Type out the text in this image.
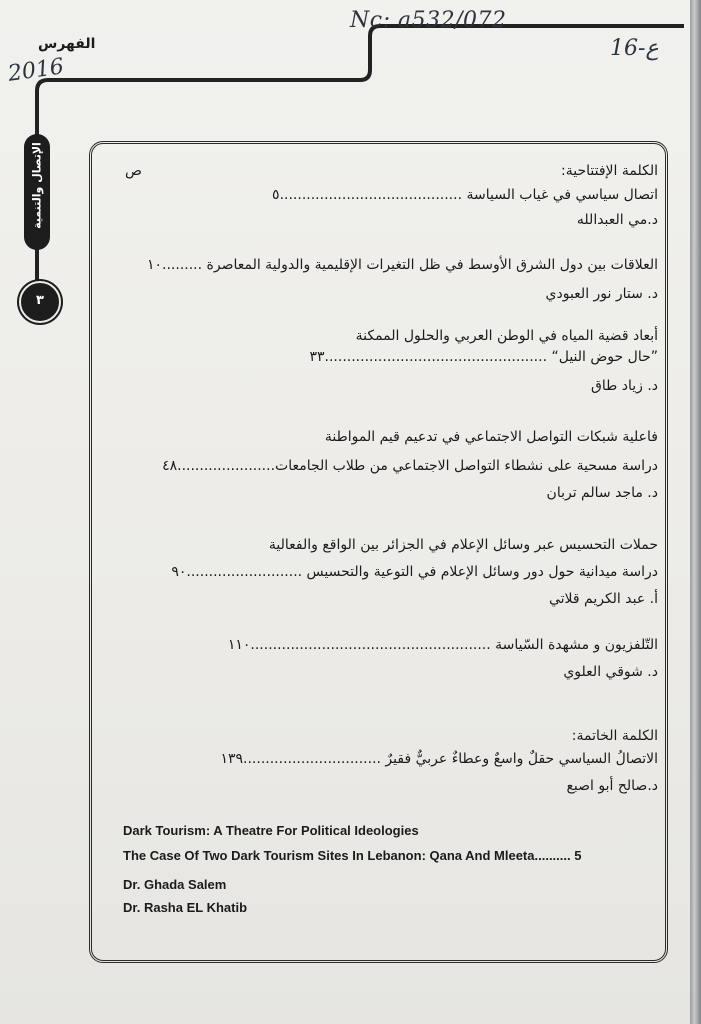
Nc: a532/072
2016
16-ع
الفهرس
الإتصال والتنمية
٣
الكلمة الإفتتاحية:
ص
اتصال سياسي في غياب السياسة .........................................٥
د.مي العبدالله
العلاقات بين دول الشرق الأوسط في ظل التغيرات الإقليمية والدولية المعاصرة .........١٠
د. ستار نور العبودي
أبعاد قضية المياه في الوطن العربي والحلول الممكنة
”حال حوض النيل“ ..................................................٣٣
د. زياد طاق
فاعلية شبكات التواصل الاجتماعي في تدعيم قيم المواطنة
دراسة مسحية على نشطاء التواصل الاجتماعي من طلاب الجامعات......................٤٨
د. ماجد سالم تربان
حملات التحسيس عبر وسائل الإعلام في الجزائر بين الواقع والفعالية
دراسة ميدانية حول دور وسائل الإعلام في التوعية والتحسيس ..........................٩٠
أ. عبد الكريم قلاتي
التّلفزيون و مشهدة السّياسة ......................................................١١٠
د. شوقي العلوي
الكلمة الخاتمة:
الاتصالُ السياسي حقلٌ واسعٌ وعطاءٌ عربيٌّ فقيرٌ ...............................١٣٩
د.صالح أبو اصبع
Dark Tourism: A Theatre For Political Ideologies
The Case Of Two Dark Tourism Sites In Lebanon: Qana And Mleeta.......... 5
Dr. Ghada Salem
Dr. Rasha EL Khatib
